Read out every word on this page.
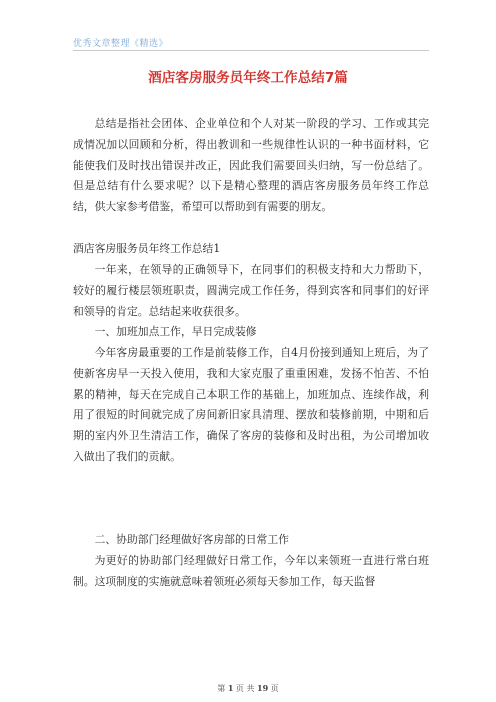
优秀文章整理《精选》
酒店客房服务员年终工作总结7篇

总结是指社会团体、企业单位和个人对某一阶段的学习、工作或其完成情况加以回顾和分析，得出教训和一些规律性认识的一种书面材料，它能使我们及时找出错误并改正，因此我们需要回头归纳，写一份总结了。但是总结有什么要求呢？以下是精心整理的酒店客房服务员年终工作总结，供大家参考借鉴，希望可以帮助到有需要的朋友。

酒店客房服务员年终工作总结1

一年来，在领导的正确领导下，在同事们的积极支持和大力帮助下，较好的履行楼层领班职责，圆满完成工作任务，得到宾客和同事们的好评和领导的肯定。总结起来收获很多。

一、加班加点工作，早日完成装修

今年客房最重要的工作是前装修工作，自4月份接到通知上班后，为了使新客房早一天投入使用，我和大家克服了重重困难，发扬不怕苦、不怕累的精神，每天在完成自己本职工作的基础上，加班加点、连续作战，利用了很短的时间就完成了房间新旧家具清理、摆放和装修前期，中期和后期的室内外卫生清洁工作，确保了客房的装修和及时出租，为公司增加收入做出了我们的贡献。

二、协助部门经理做好客房部的日常工作

为更好的协助部门经理做好日常工作，今年以来领班一直进行常白班制。这项制度的实施就意味着领班必须每天参加工作，每天监督

第 1 页 共 19 页
